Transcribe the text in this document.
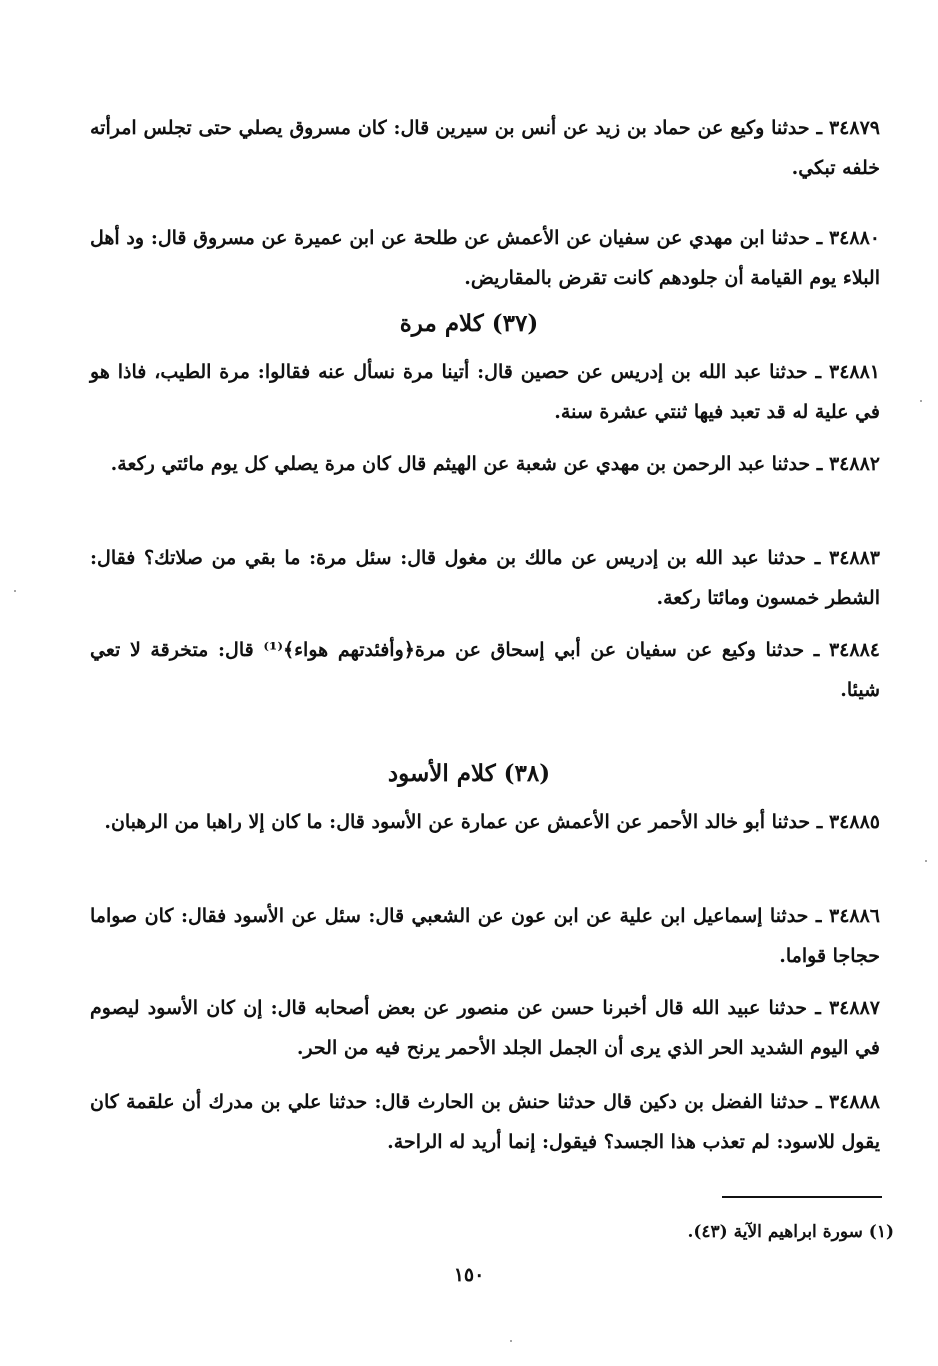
٣٤٨٧٩ ـ حدثنا وكيع عن حماد بن زيد عن أنس بن سيرين قال: كان مسروق يصلي حتى تجلس امرأته خلفه تبكي.

٣٤٨٨٠ ـ حدثنا ابن مهدي عن سفيان عن الأعمش عن طلحة عن ابن عميرة عن مسروق قال: ود أهل البلاء يوم القيامة أن جلودهم كانت تقرض بالمقاريض.

(٣٧) كلام مرة

٣٤٨٨١ ـ حدثنا عبد الله بن إدريس عن حصين قال: أتينا مرة نسأل عنه فقالوا: مرة الطيب، فاذا هو في علية له قد تعبد فيها ثنتي عشرة سنة.

٣٤٨٨٢ ـ حدثنا عبد الرحمن بن مهدي عن شعبة عن الهيثم قال كان مرة يصلي كل يوم مائتي ركعة.

٣٤٨٨٣ ـ حدثنا عبد الله بن إدريس عن مالك بن مغول قال: سئل مرة: ما بقي من صلاتك؟ فقال: الشطر خمسون ومائتا ركعة.

٣٤٨٨٤ ـ حدثنا وكيع عن سفيان عن أبي إسحاق عن مرة﴿وأفئدتهم هواء﴾⁽¹⁾ قال: متخرقة لا تعي شيئا.

(٣٨) كلام الأسود

٣٤٨٨٥ ـ حدثنا أبو خالد الأحمر عن الأعمش عن عمارة عن الأسود قال: ما كان إلا راهبا من الرهبان.

٣٤٨٨٦ ـ حدثنا إسماعيل ابن علية عن ابن عون عن الشعبي قال: سئل عن الأسود فقال: كان صواما حجاجا قواما.

٣٤٨٨٧ ـ حدثنا عبيد الله قال أخبرنا حسن عن منصور عن بعض أصحابه قال: إن كان الأسود ليصوم في اليوم الشديد الحر الذي يرى أن الجمل الجلد الأحمر يرنح فيه من الحر.

٣٤٨٨٨ ـ حدثنا الفضل بن دكين قال حدثنا حنش بن الحارث قال: حدثنا علي بن مدرك أن علقمة كان يقول للاسود: لم تعذب هذا الجسد؟ فيقول: إنما أريد له الراحة.

(١) سورة ابراهيم الآية (٤٣).
١٥٠
